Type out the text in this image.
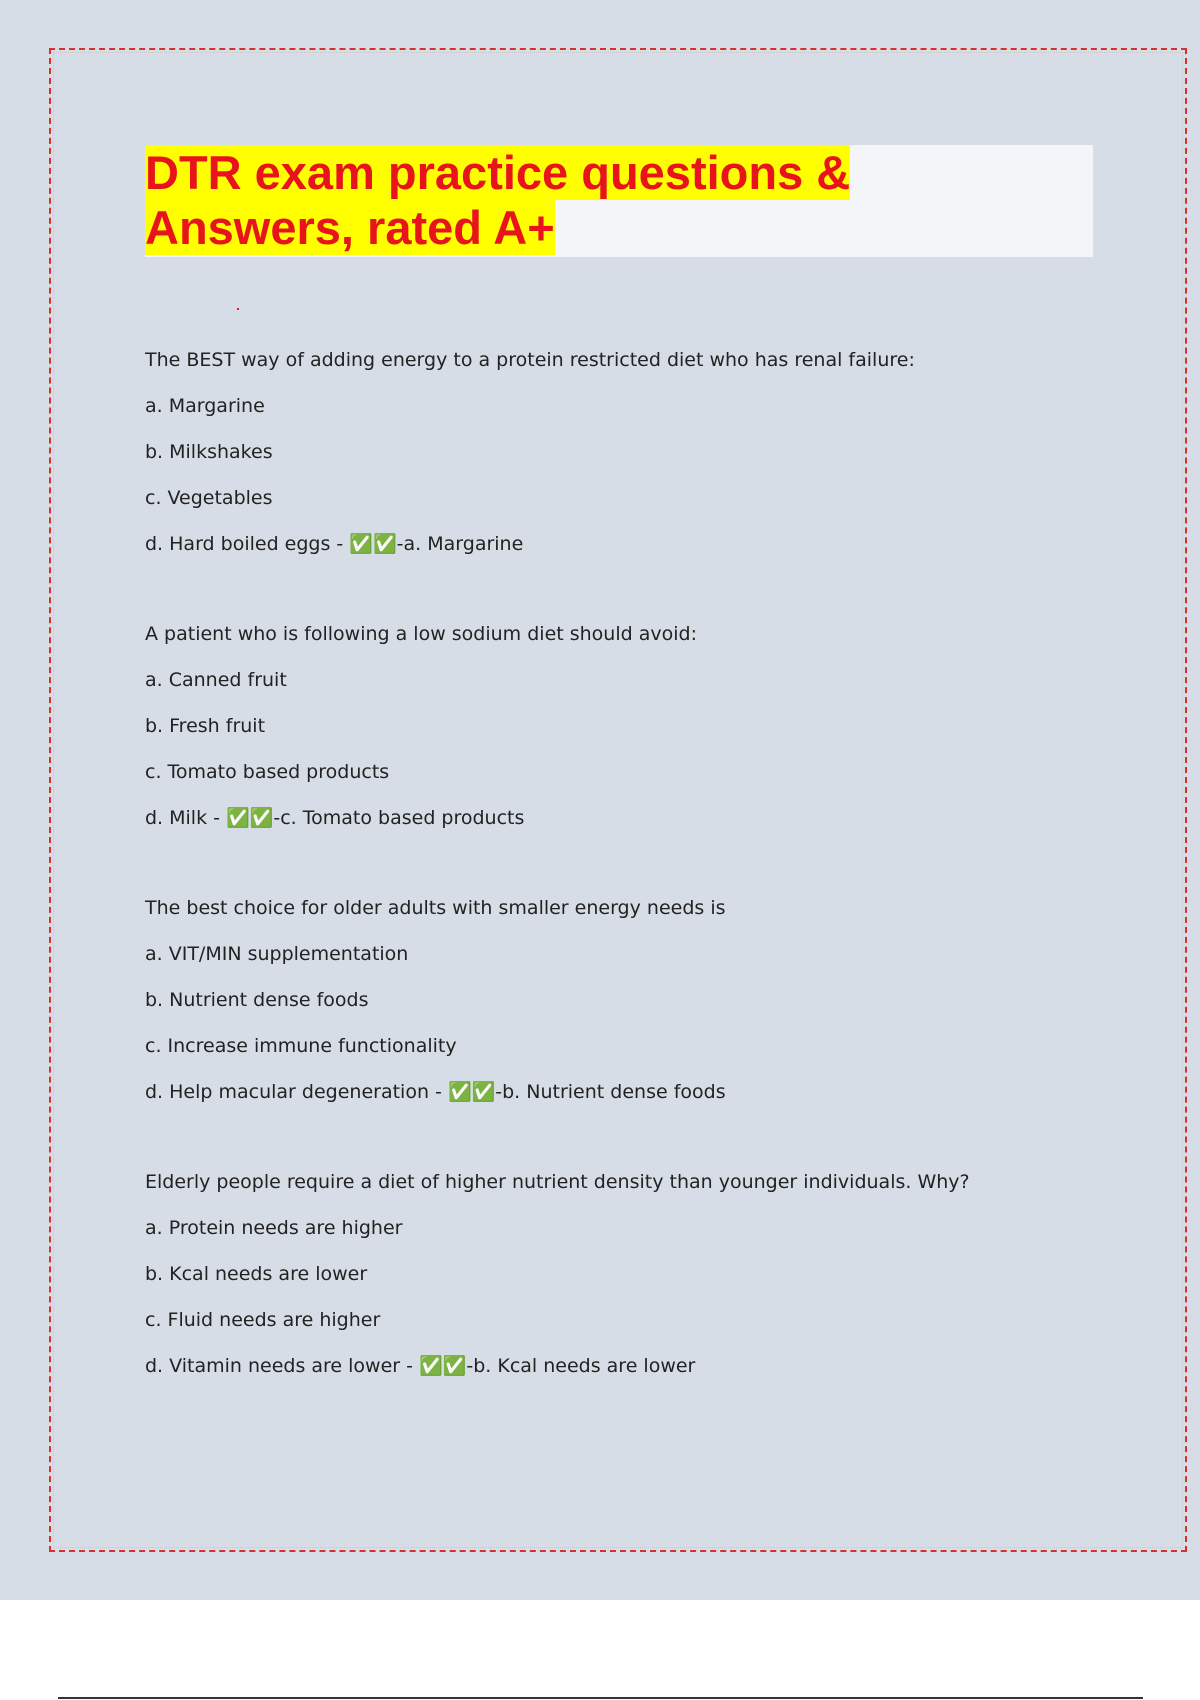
DTR exam practice questions &
Answers, rated A+
The BEST way of adding energy to a protein restricted diet who has renal failure:
a. Margarine
b. Milkshakes
c. Vegetables
d. Hard boiled eggs - ✅✅-a. Margarine
A patient who is following a low sodium diet should avoid:
a. Canned fruit
b. Fresh fruit
c. Tomato based products
d. Milk - ✅✅-c. Tomato based products
The best choice for older adults with smaller energy needs is
a. VIT/MIN supplementation
b. Nutrient dense foods
c. Increase immune functionality
d. Help macular degeneration - ✅✅-b. Nutrient dense foods
Elderly people require a diet of higher nutrient density than younger individuals. Why?
a. Protein needs are higher
b. Kcal needs are lower
c. Fluid needs are higher
d. Vitamin needs are lower - ✅✅-b. Kcal needs are lower
